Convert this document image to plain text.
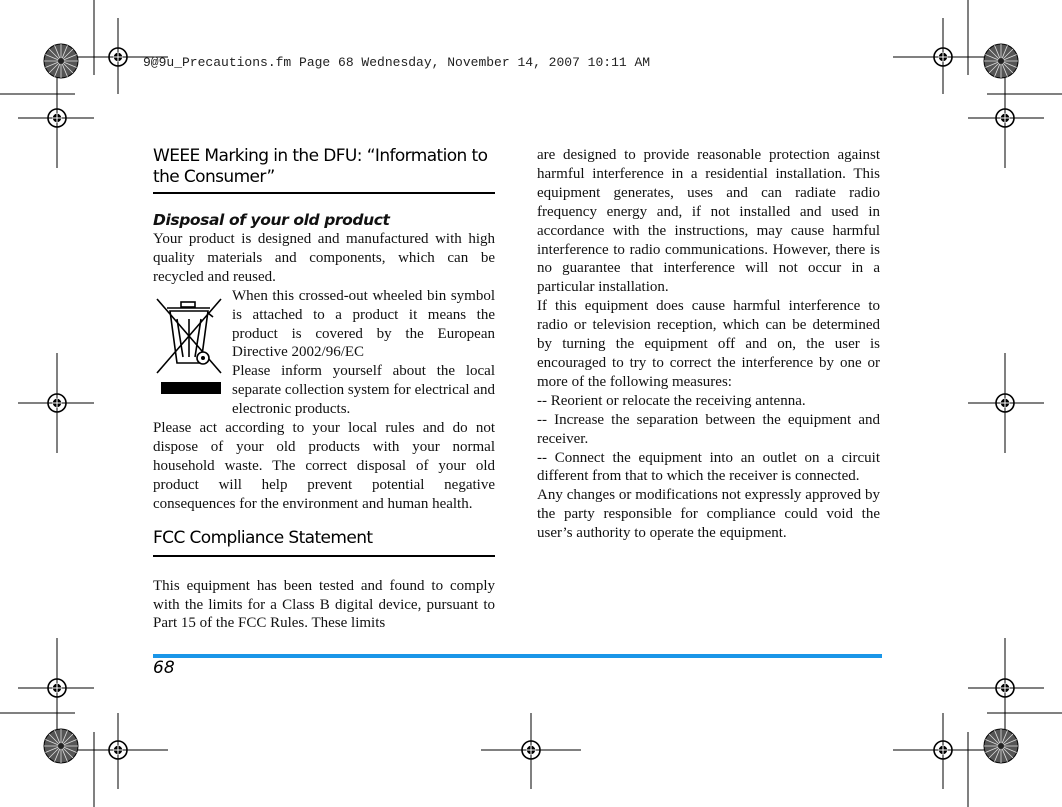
9@9u_Precautions.fm Page 68 Wednesday, November 14, 2007 10:11 AM
WEEE Marking in the DFU: “Information to the Consumer”
Disposal of your old product

Your product is designed and manufactured with high quality materials and components, which can be recycled and reused.

When this crossed-out wheeled bin symbol is attached to a product it means the product is covered by the European Directive 2002/96/EC

Please inform yourself about the local separate collection system for electrical and electronic products.

Please act according to your local rules and do not dispose of your old products with your normal household waste. The correct disposal of your old product will help prevent potential negative consequences for the environment and human health.

FCC Compliance Statement

This equipment has been tested and found to comply with the limits for a Class B digital device, pursuant to Part 15 of the FCC Rules. These limits

are designed to provide reasonable protection against harmful interference in a residential installation. This equipment generates, uses and can radiate radio frequency energy and, if not installed and used in accordance with the instructions, may cause harmful interference to radio communications. However, there is no guarantee that interference will not occur in a particular installation.

If this equipment does cause harmful interference to radio or television reception, which can be determined by turning the equipment off and on, the user is encouraged to try to correct the interference by one or more of the following measures:

-- Reorient or relocate the receiving antenna.

-- Increase the separation between the equipment and receiver.

-- Connect the equipment into an outlet on a circuit different from that to which the receiver is connected.

Any changes or modifications not expressly approved by the party responsible for compliance could void the user’s authority to operate the equipment.

68
